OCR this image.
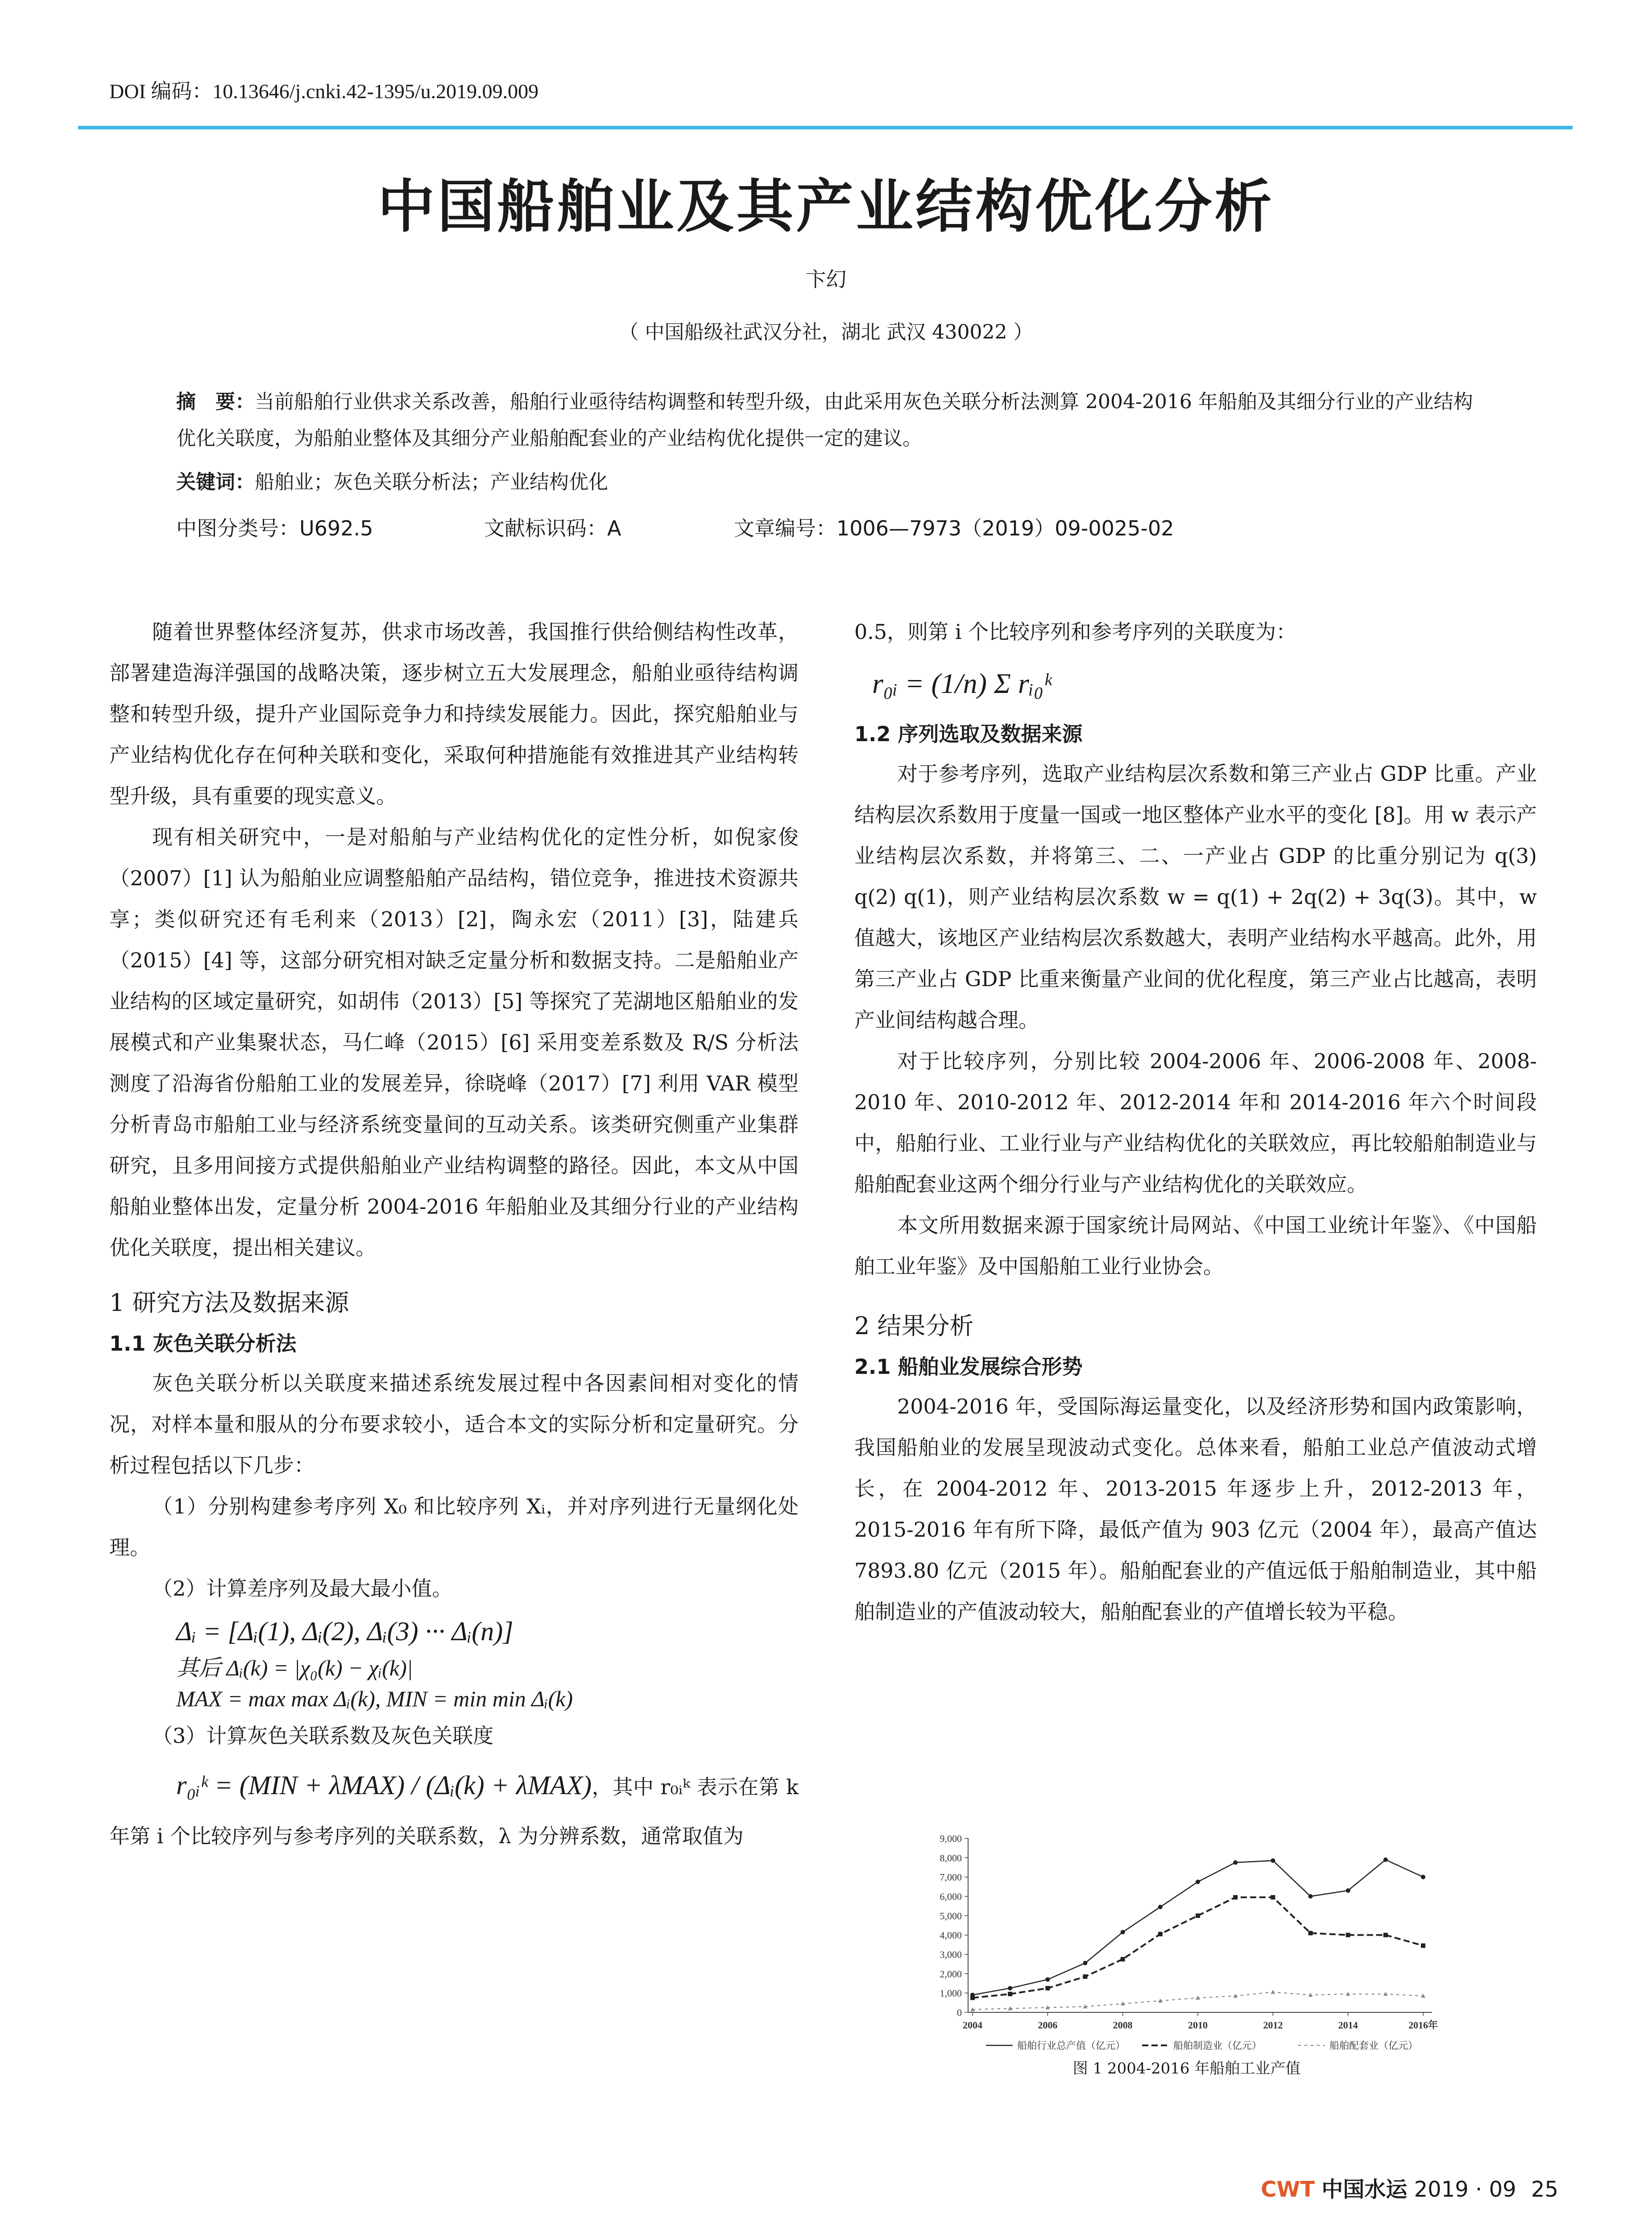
DOI 编码：10.13646/j.cnki.42-1395/u.2019.09.009
中国船舶业及其产业结构优化分析
卞幻
（ 中国船级社武汉分社，湖北 武汉 430022 ）
摘　要：当前船舶行业供求关系改善，船舶行业亟待结构调整和转型升级，由此采用灰色关联分析法测算 2004-2016 年船舶及其细分行业的产业结构优化关联度，为船舶业整体及其细分产业船舶配套业的产业结构优化提供一定的建议。
关键词：船舶业；灰色关联分析法；产业结构优化
中图分类号：U692.5	文献标识码：A	文章编号：1006—7973（2019）09-0025-02

随着世界整体经济复苏，供求市场改善，我国推行供给侧结构性改革，部署建造海洋强国的战略决策，逐步树立五大发展理念，船舶业亟待结构调整和转型升级，提升产业国际竞争力和持续发展能力。因此，探究船舶业与产业结构优化存在何种关联和变化，采取何种措施能有效推进其产业结构转型升级，具有重要的现实意义。

现有相关研究中，一是对船舶与产业结构优化的定性分析，如倪家俊（2007）[1] 认为船舶业应调整船舶产品结构，错位竞争，推进技术资源共享；类似研究还有毛利来（2013）[2]，陶永宏（2011）[3]，陆建兵（2015）[4] 等，这部分研究相对缺乏定量分析和数据支持。二是船舶业产业结构的区域定量研究，如胡伟（2013）[5] 等探究了芜湖地区船舶业的发展模式和产业集聚状态，马仁峰（2015）[6] 采用变差系数及 R/S 分析法测度了沿海省份船舶工业的发展差异，徐晓峰（2017）[7] 利用 VAR 模型分析青岛市船舶工业与经济系统变量间的互动关系。该类研究侧重产业集群研究，且多用间接方式提供船舶业产业结构调整的路径。因此，本文从中国船舶业整体出发，定量分析 2004-2016 年船舶业及其细分行业的产业结构优化关联度，提出相关建议。

1 研究方法及数据来源
1.1 灰色关联分析法

灰色关联分析以关联度来描述系统发展过程中各因素间相对变化的情况，对样本量和服从的分布要求较小，适合本文的实际分析和定量研究。分析过程包括以下几步：

（1）分别构建参考序列 X₀ 和比较序列 Xᵢ，并对序列进行无量纲化处理。

（2）计算差序列及最大最小值。

Δᵢ = [Δᵢ(1), Δᵢ(2), Δᵢ(3) ··· Δᵢ(n)]
其后 Δᵢ(k) = |χ₀(k) − χᵢ(k)|
MAX = max max Δᵢ(k), MIN = min min Δᵢ(k)

（3）计算灰色关联系数及灰色关联度

r₀ᵢᵏ = (MIN + λMAX) / (Δᵢ(k) + λMAX)，其中 r₀ᵢᵏ 表示在第 k 年第 i 个比较序列与参考序列的关联系数，λ 为分辨系数，通常取值为

0.5，则第 i 个比较序列和参考序列的关联度为：

r₀ᵢ = (1/n) Σ rᵢ₀ᵏ
1.2 序列选取及数据来源

对于参考序列，选取产业结构层次系数和第三产业占 GDP 比重。产业结构层次系数用于度量一国或一地区整体产业水平的变化 [8]。用 w 表示产业结构层次系数，并将第三、二、一产业占 GDP 的比重分别记为 q(3) q(2) q(1)，则产业结构层次系数 w = q(1) + 2q(2) + 3q(3)。其中，w 值越大，该地区产业结构层次系数越大，表明产业结构水平越高。此外，用第三产业占 GDP 比重来衡量产业间的优化程度，第三产业占比越高，表明产业间结构越合理。

对于比较序列，分别比较 2004-2006 年、2006-2008 年、2008-2010 年、2010-2012 年、2012-2014 年和 2014-2016 年六个时间段中，船舶行业、工业行业与产业结构优化的关联效应，再比较船舶制造业与船舶配套业这两个细分行业与产业结构优化的关联效应。

本文所用数据来源于国家统计局网站、《中国工业统计年鉴》、《中国船舶工业年鉴》及中国船舶工业行业协会。

2 结果分析
2.1 船舶业发展综合形势

2004-2016 年，受国际海运量变化，以及经济形势和国内政策影响，我国船舶业的发展呈现波动式变化。总体来看，船舶工业总产值波动式增长，在 2004-2012 年、2013-2015 年逐步上升，2012-2013 年，2015-2016 年有所下降，最低产值为 903 亿元（2004 年），最高产值达 7893.80 亿元（2015 年）。船舶配套业的产值远低于船舶制造业，其中船舶制造业的产值波动较大，船舶配套业的产值增长较为平稳。

0
1,000
2,000
3,000
4,000
5,000
6,000
7,000
8,000
9,000
2004	2006	2008	2010	2012	2014	2016年
船舶行业总产值（亿元）	船舶制造业（亿元）	船舶配套业（亿元）
图 1 2004-2016 年船舶工业产值
CWT 中国水运 2019 · 09 25
